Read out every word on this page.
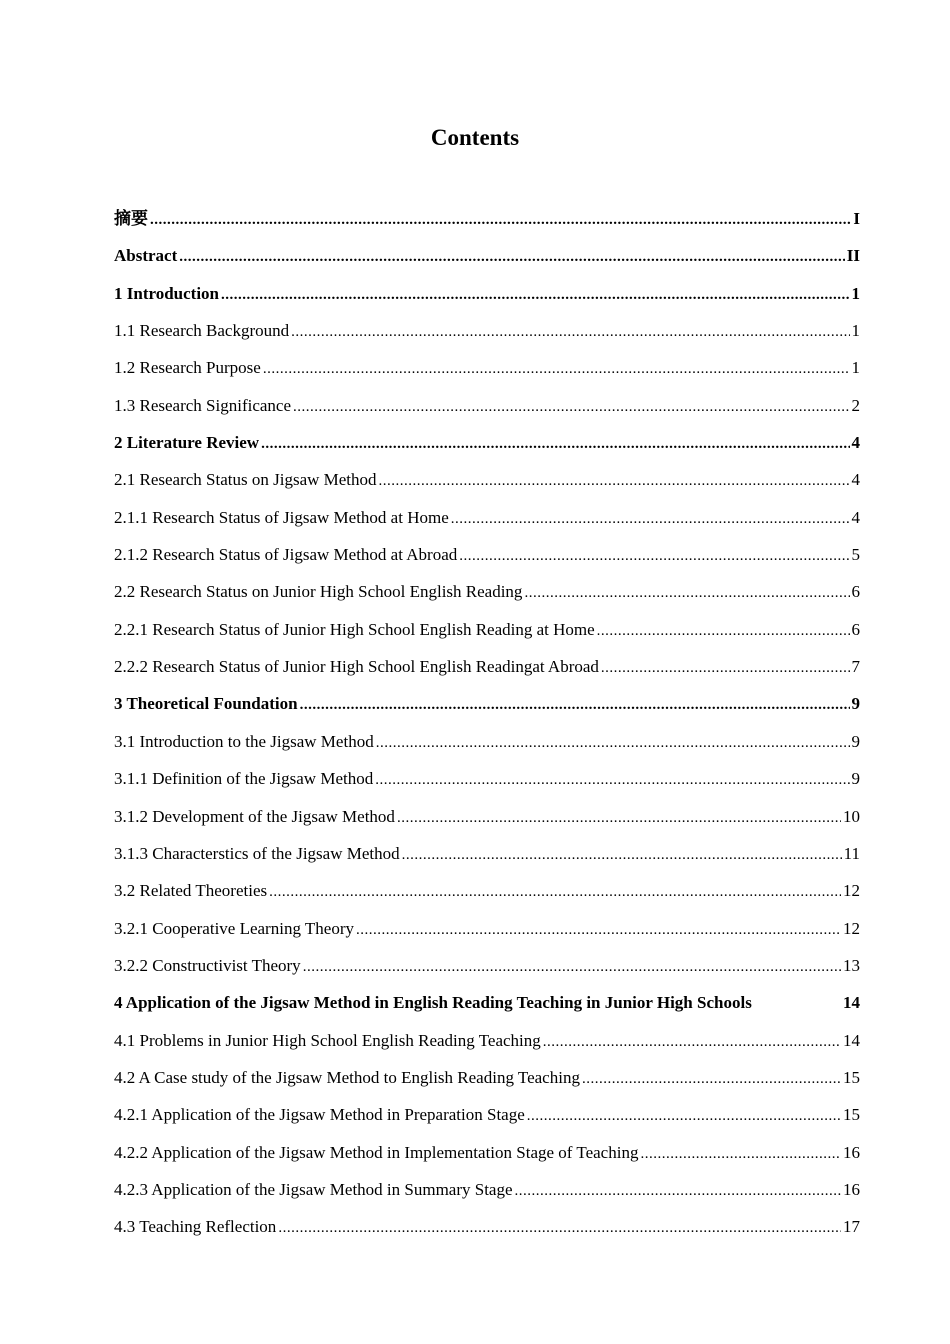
Contents
摘要 .....	I
Abstract .....	II
1 Introduction .....	1
1.1 Research Background .....	1
1.2 Research Purpose .....	1
1.3 Research Significance .....	2
2 Literature Review .....	4
2.1 Research Status on Jigsaw Method .....	4
2.1.1 Research Status of Jigsaw Method at Home .....	4
2.1.2 Research Status of Jigsaw Method at Abroad .....	5
2.2 Research Status on Junior High School English Reading .....	6
2.2.1 Research Status of Junior High School English Reading at Home .....	6
2.2.2 Research Status of Junior High School English Readingat Abroad .....	7
3 Theoretical Foundation .....	9
3.1 Introduction to the Jigsaw Method .....	9
3.1.1 Definition of the Jigsaw Method .....	9
3.1.2 Development of the Jigsaw Method .....	10
3.1.3 Characterstics of the Jigsaw Method .....	11
3.2 Related Theoreties .....	12
3.2.1 Cooperative Learning Theory .....	12
3.2.2 Constructivist Theory .....	13
4 Application of the Jigsaw Method in English Reading Teaching in Junior High Schools	14
4.1 Problems in Junior High School English Reading Teaching .....	14
4.2 A Case study of the Jigsaw Method to English Reading Teaching .....	15
4.2.1 Application of the Jigsaw Method in Preparation Stage .....	15
4.2.2 Application of the Jigsaw Method in Implementation Stage of Teaching .....	16
4.2.3 Application of the Jigsaw Method in Summary Stage .....	16
4.3 Teaching Reflection .....	17
